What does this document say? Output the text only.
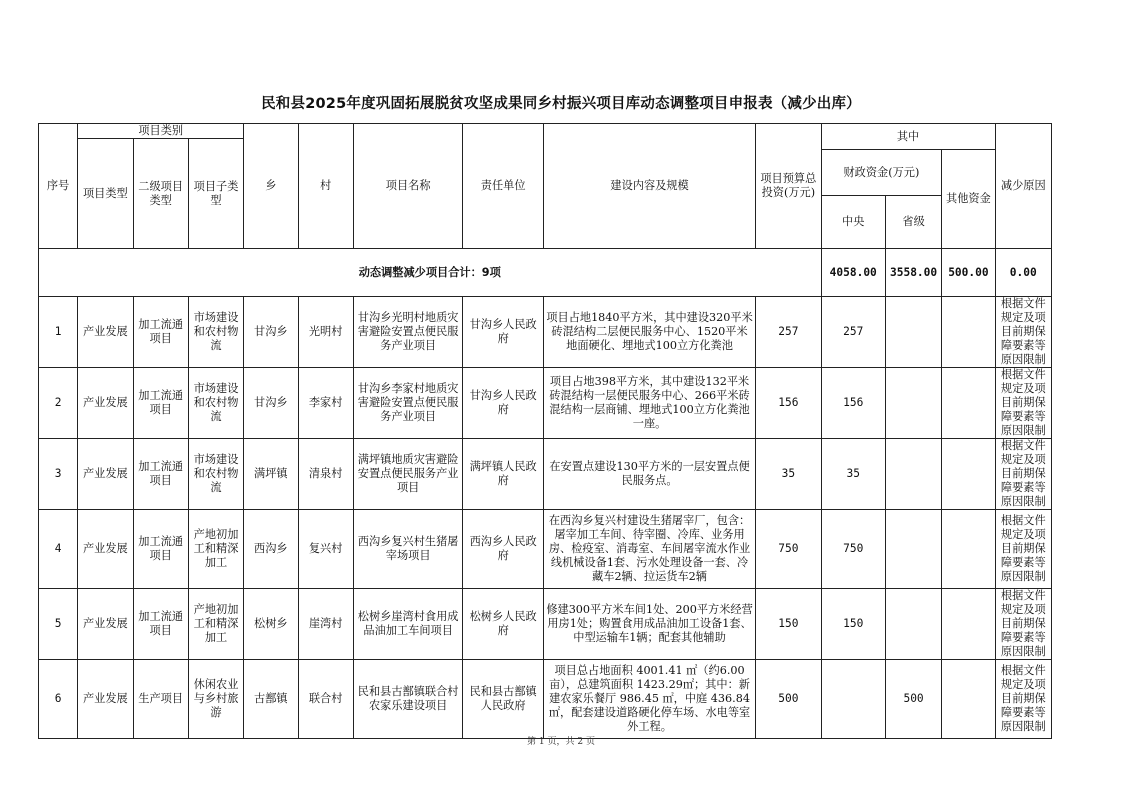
民和县2025年度巩固拓展脱贫攻坚成果同乡村振兴项目库动态调整项目申报表（减少出库）
序号	项目类别			乡	村	项目名称	责任单位	建设内容及规模	项目预算总投资(万元)	其中			减少原因
	项目类型	二级项目类型	项目子类型										
										财政资金(万元)		其他资金	
										中央	省级		
动态调整减少项目合计：9项										4058.00	3558.00	500.00	0.00
1	产业发展	加工流通项目	市场建设和农村物流	甘沟乡	光明村	甘沟乡光明村地质灾害避险安置点便民服务产业项目	甘沟乡人民政府	项目占地1840平方米，其中建设320平米砖混结构二层便民服务中心、1520平米地面硬化、埋地式100立方化粪池	257	257			根据文件规定及项目前期保障要素等原因限制
2	产业发展	加工流通项目	市场建设和农村物流	甘沟乡	李家村	甘沟乡李家村地质灾害避险安置点便民服务产业项目	甘沟乡人民政府	项目占地398平方米，其中建设132平米砖混结构一层便民服务中心、266平米砖混结构一层商铺、埋地式100立方化粪池一座。	156	156			根据文件规定及项目前期保障要素等原因限制
3	产业发展	加工流通项目	市场建设和农村物流	满坪镇	清泉村	满坪镇地质灾害避险安置点便民服务产业项目	满坪镇人民政府	在安置点建设130平方米的一层安置点便民服务点。	35	35			根据文件规定及项目前期保障要素等原因限制
4	产业发展	加工流通项目	产地初加工和精深加工	西沟乡	复兴村	西沟乡复兴村生猪屠宰场项目	西沟乡人民政府	在西沟乡复兴村建设生猪屠宰厂，包含：屠宰加工车间、待宰圈、冷库、业务用房、检疫室、消毒室、车间屠宰流水作业线机械设备1套、污水处理设备一套、冷藏车2辆、拉运货车2辆	750	750			根据文件规定及项目前期保障要素等原因限制
5	产业发展	加工流通项目	产地初加工和精深加工	松树乡	崖湾村	松树乡崖湾村食用成品油加工车间项目	松树乡人民政府	修建300平方米车间1处、200平方米经营用房1处；购置食用成品油加工设备1套、中型运输车1辆；配套其他辅助	150	150			根据文件规定及项目前期保障要素等原因限制
6	产业发展	生产项目	休闲农业与乡村旅游	古鄯镇	联合村	民和县古鄯镇联合村农家乐建设项目	民和县古鄯镇人民政府	项目总占地面积 4001.41 ㎡（约6.00 亩），总建筑面积 1423.29㎡；其中：新建农家乐餐厅 986.45 ㎡，中庭 436.84 ㎡，配套建设道路硬化停车场、水电等室外工程。	500		500		根据文件规定及项目前期保障要素等原因限制
第 1 页，共 2 页
